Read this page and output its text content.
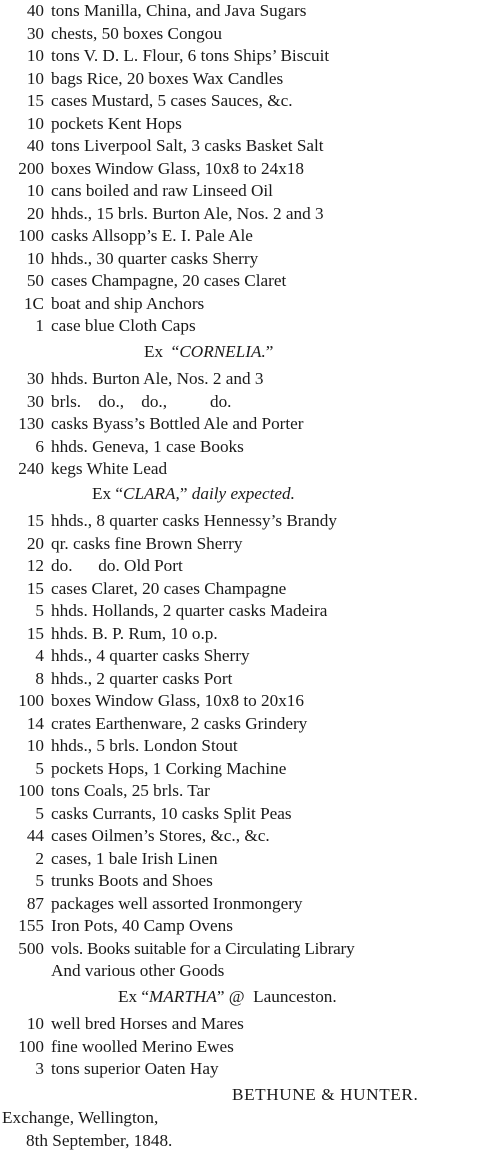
40 tons Manilla, China, and Java Sugars
30 chests, 50 boxes Congou
10 tons V. D. L. Flour, 6 tons Ships’ Biscuit
10 bags Rice, 20 boxes Wax Candles
15 cases Mustard, 5 cases Sauces, &c.
10 pockets Kent Hops
40 tons Liverpool Salt, 3 casks Basket Salt
200 boxes Window Glass, 10x8 to 24x18
10 cans boiled and raw Linseed Oil
20 hhds., 15 brls. Burton Ale, Nos. 2 and 3
100 casks Allsopp’s E. I. Pale Ale
10 hhds., 30 quarter casks Sherry
50 cases Champagne, 20 cases Claret
1C boat and ship Anchors
1 case blue Cloth Caps
Ex  “CORNELIA.”
30 hhds. Burton Ale, Nos. 2 and 3
30 brls.    do.,    do.,          do.
130 casks Byass’s Bottled Ale and Porter
6 hhds. Geneva, 1 case Books
240 kegs White Lead
Ex “CLARA,” daily expected.
15 hhds., 8 quarter casks Hennessy’s Brandy
20 qr. casks fine Brown Sherry
12 do.      do. Old Port
15 cases Claret, 20 cases Champagne
5 hhds. Hollands, 2 quarter casks Madeira
15 hhds. B. P. Rum, 10 o.p.
4 hhds., 4 quarter casks Sherry
8 hhds., 2 quarter casks Port
100 boxes Window Glass, 10x8 to 20x16
14 crates Earthenware, 2 casks Grindery
10 hhds., 5 brls. London Stout
5 pockets Hops, 1 Corking Machine
100 tons Coals, 25 brls. Tar
5 casks Currants, 10 casks Split Peas
44 cases Oilmen’s Stores, &c., &c.
2 cases, 1 bale Irish Linen
5 trunks Boots and Shoes
87 packages well assorted Ironmongery
155 Iron Pots, 40 Camp Ovens
500 vols. Books suitable for a Circulating Library
And various other Goods
Ex “MARTHA” @  Launceston.
10 well bred Horses and Mares
100 fine woolled Merino Ewes
3 tons superior Oaten Hay
BETHUNE & HUNTER.
Exchange, Wellington,
8th September, 1848.
